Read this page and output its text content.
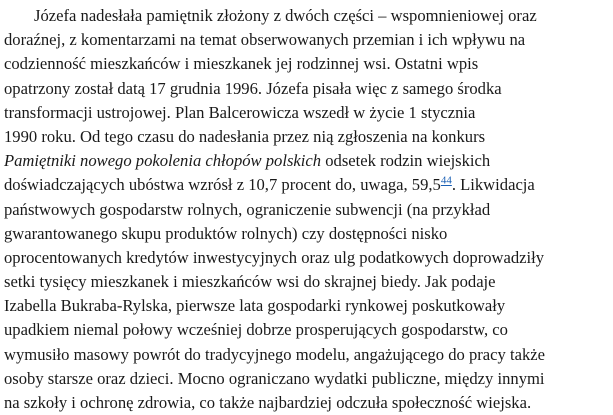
Józefa nadesłała pamiętnik złożony z dwóch części – wspomnieniowej oraz
doraźnej, z komentarzami na temat obserwowanych przemian i ich wpływu na
codzienność mieszkańców i mieszkanek jej rodzinnej wsi. Ostatni wpis
opatrzony został datą 17 grudnia 1996. Józefa pisała więc z samego środka
transformacji ustrojowej. Plan Balcerowicza wszedł w życie 1 stycznia
1990 roku. Od tego czasu do nadesłania przez nią zgłoszenia na konkurs
Pamiętniki nowego pokolenia chłopów polskich odsetek rodzin wiejskich
doświadczających ubóstwa wzrósł z 10,7 procent do, uwaga, 59,5$^{44}$. Likwidacja
państwowych gospodarstw rolnych, ograniczenie subwencji (na przykład
gwarantowanego skupu produktów rolnych) czy dostępności nisko
oprocentowanych kredytów inwestycyjnych oraz ulg podatkowych doprowadziły
setki tysięcy mieszkanek i mieszkańców wsi do skrajnej biedy. Jak podaje
Izabella Bukraba-Rylska, pierwsze lata gospodarki rynkowej poskutkowały
upadkiem niemal połowy wcześniej dobrze prosperujących gospodarstw, co
wymusiło masowy powrót do tradycyjnego modelu, angażującego do pracy także
osoby starsze oraz dzieci. Mocno ograniczano wydatki publiczne, między innymi
na szkoły i ochronę zdrowia, co także najbardziej odczuła społeczność wiejska.
